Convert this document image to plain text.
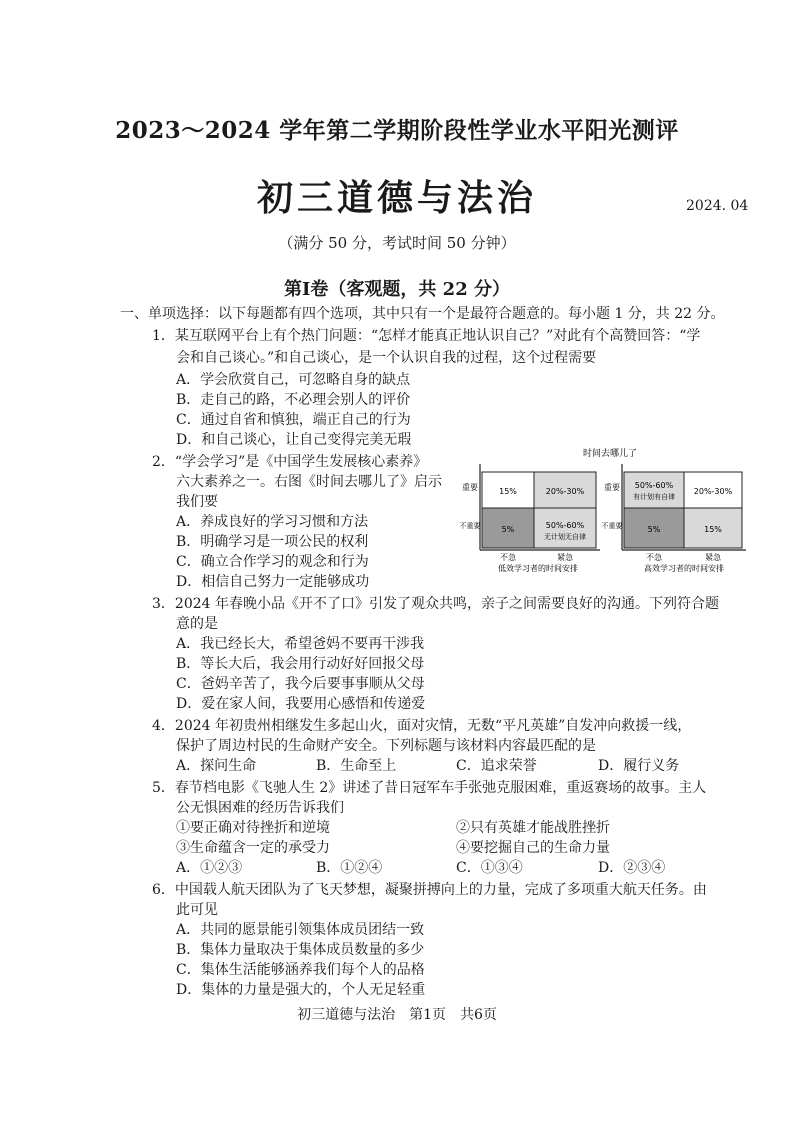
2023～2024 学年第二学期阶段性学业水平阳光测评
初三道德与法治	2024. 04
（满分 50 分，考试时间 50 分钟）
第Ⅰ卷（客观题，共 22 分）
一、单项选择：以下每题都有四个选项，其中只有一个是最符合题意的。每小题 1 分，共 22 分。
1．某互联网平台上有个热门问题：“怎样才能真正地认识自己？”对此有个高赞回答：“学
会和自己谈心。”和自己谈心，是一个认识自我的过程，这个过程需要
A．学会欣赏自己，可忽略自身的缺点
B．走自己的路，不必理会别人的评价
C．通过自省和慎独，端正自己的行为
D．和自己谈心，让自己变得完美无瑕
2．“学会学习”是《中国学生发展核心素养》
六大素养之一。右图《时间去哪儿了》启示
我们要
A．养成良好的学习习惯和方法
B．明确学习是一项公民的权利
C．确立合作学习的观念和行为
D．相信自己努力一定能够成功
时间去哪儿了
15%	20%-30%
5%	50%-60%
无计划无自律
重要
不重要
不急	紧急
低效学习者的时间安排
50%-60%
有计划有自律
20%-30%
5%	15%
重要
不重要
不急	紧急
高效学习者的时间安排
3．2024 年春晚小品《开不了口》引发了观众共鸣，亲子之间需要良好的沟通。下列符合题
意的是
A．我已经长大，希望爸妈不要再干涉我
B．等长大后，我会用行动好好回报父母
C．爸妈辛苦了，我今后要事事顺从父母
D．爱在家人间，我要用心感悟和传递爱
4．2024 年初贵州相继发生多起山火，面对灾情，无数“平凡英雄”自发冲向救援一线，
保护了周边村民的生命财产安全。下列标题与该材料内容最匹配的是
A．探问生命	B．生命至上	C．追求荣誉	D．履行义务
5．春节档电影《飞驰人生 2》讲述了昔日冠军车手张弛克服困难，重返赛场的故事。主人
公无惧困难的经历告诉我们
①要正确对待挫折和逆境	②只有英雄才能战胜挫折
③生命蕴含一定的承受力	④要挖掘自己的生命力量
A．①②③	B．①②④	C．①③④	D．②③④
6．中国载人航天团队为了飞天梦想，凝聚拼搏向上的力量，完成了多项重大航天任务。由
此可见
A．共同的愿景能引领集体成员团结一致
B．集体力量取决于集体成员数量的多少
C．集体生活能够涵养我们每个人的品格
D．集体的力量是强大的，个人无足轻重
初三道德与法治　第1页　共6页
